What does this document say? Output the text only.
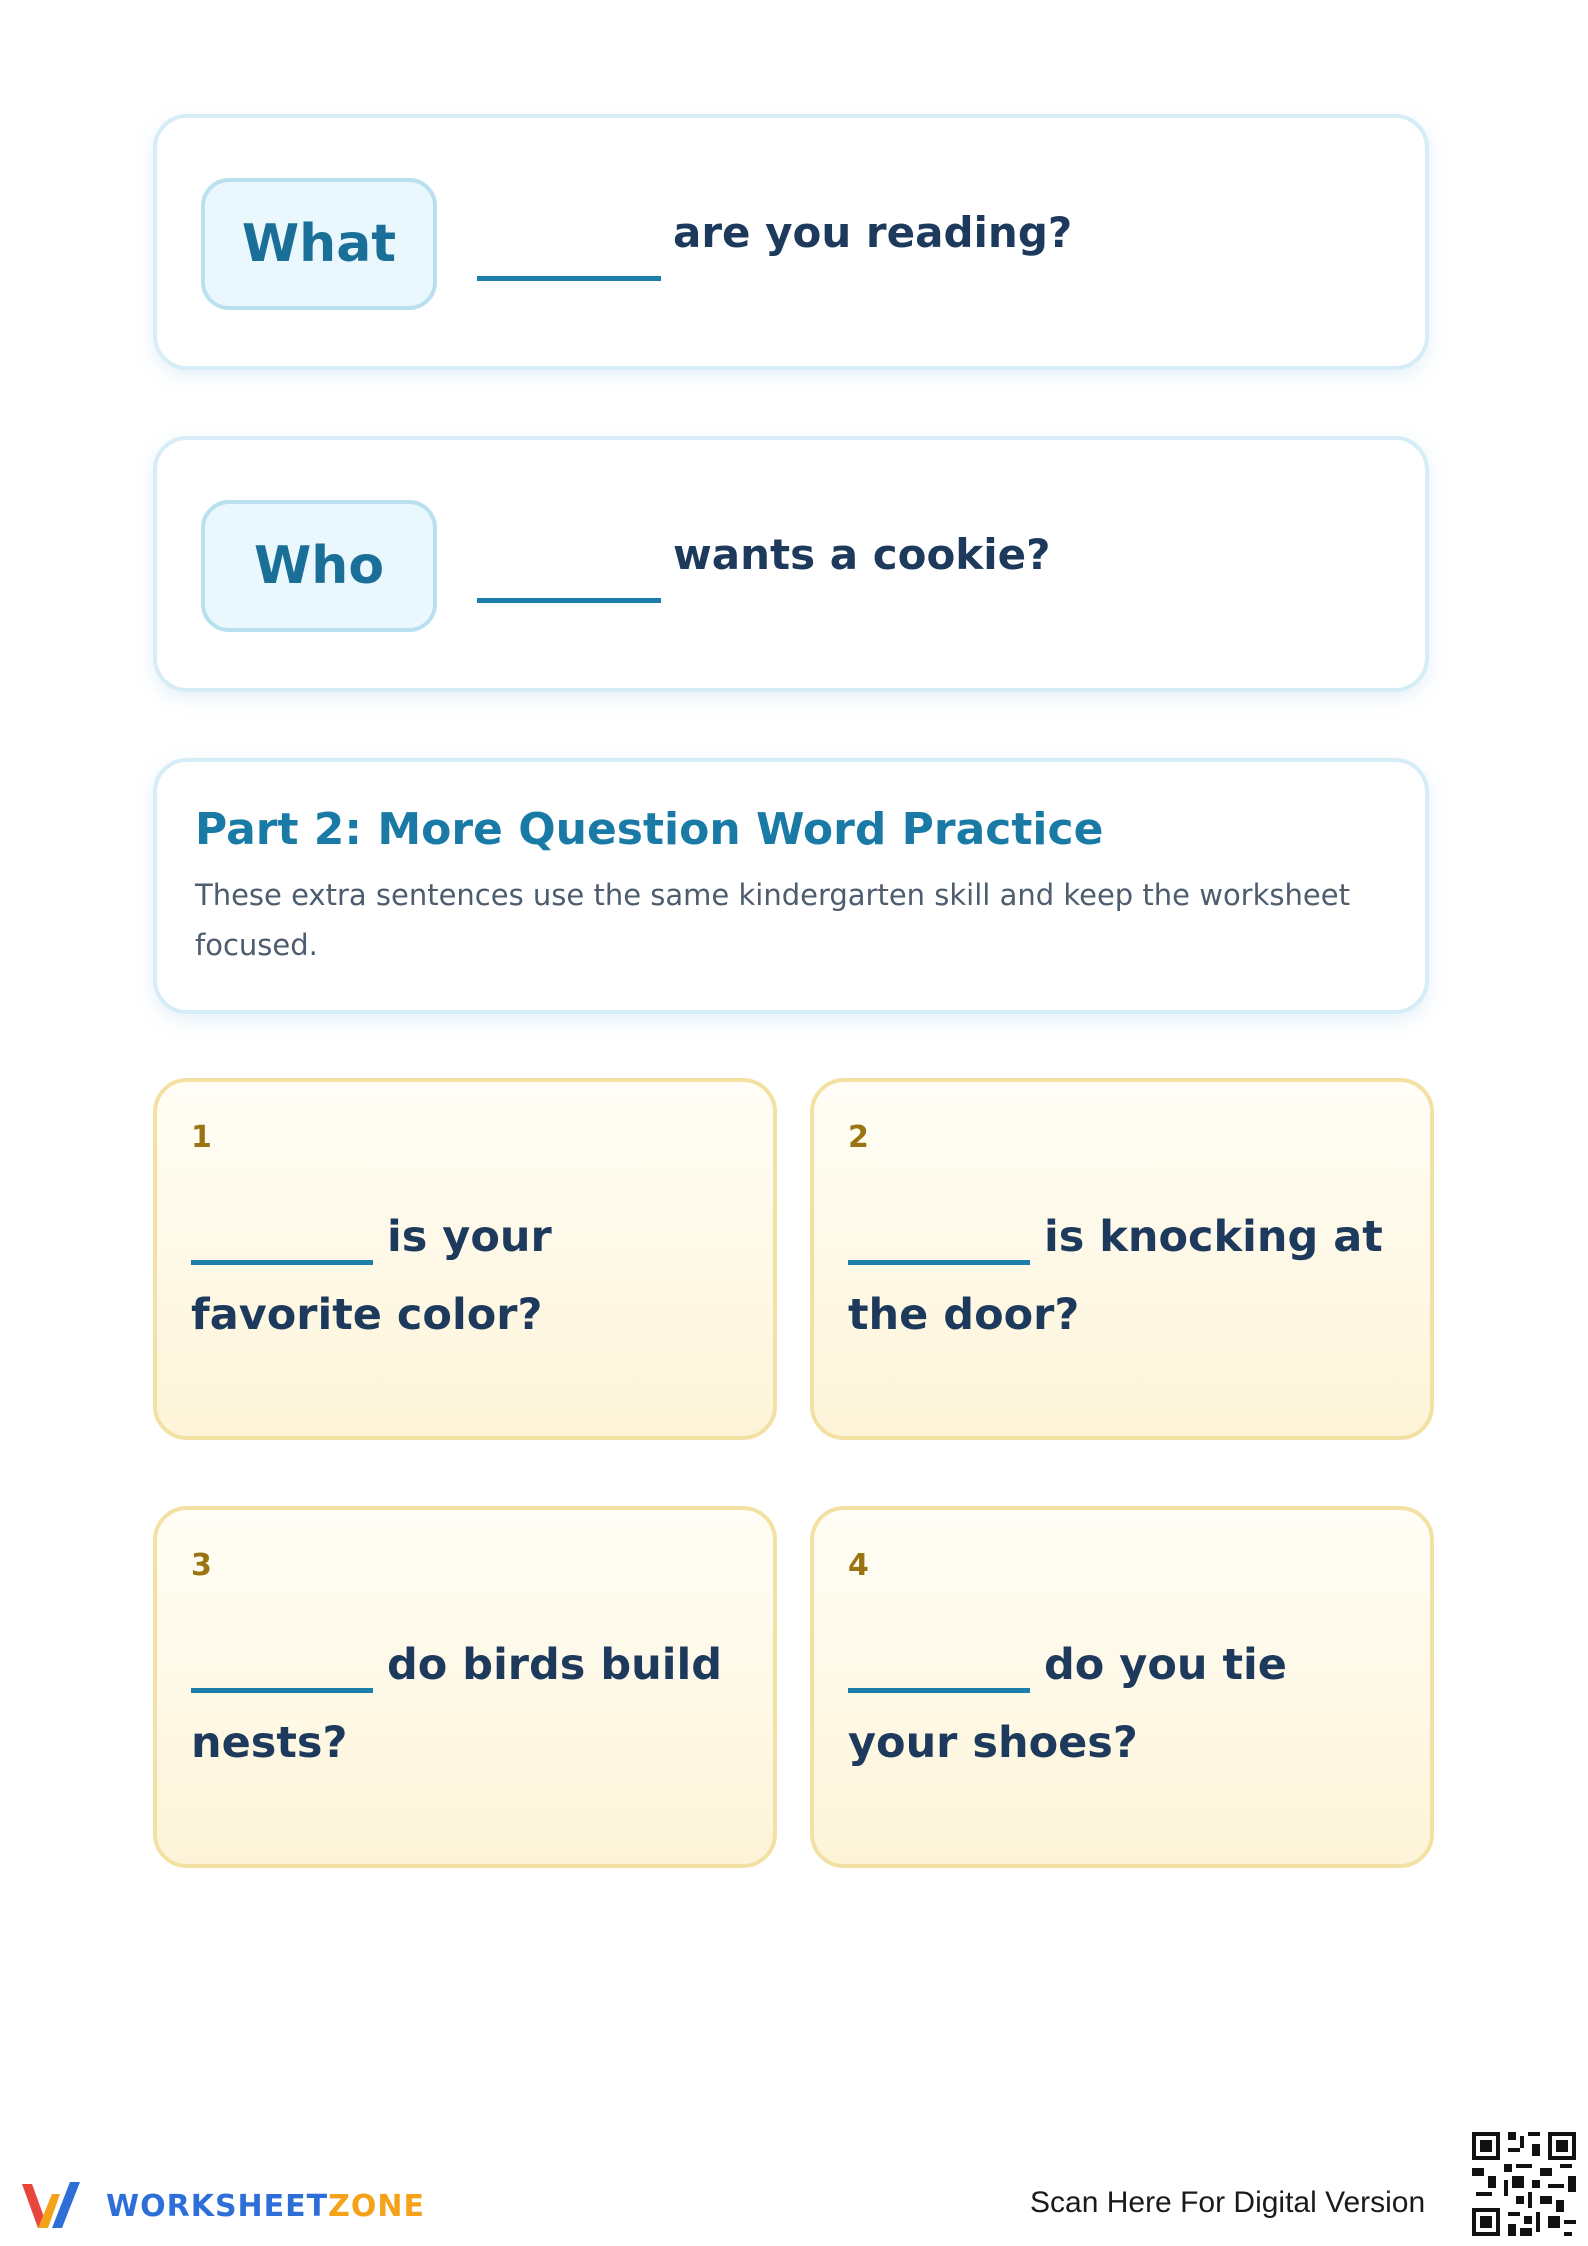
What	are you reading?
Who	wants a cookie?
Part 2: More Question Word Practice
These extra sentences use the same kindergarten skill and keep the worksheet focused.
1
is your favorite color?
2
is knocking at the door?
3
do birds build nests?
4
do you tie your shoes?
WORKSHEETZONE	Scan Here For Digital Version
